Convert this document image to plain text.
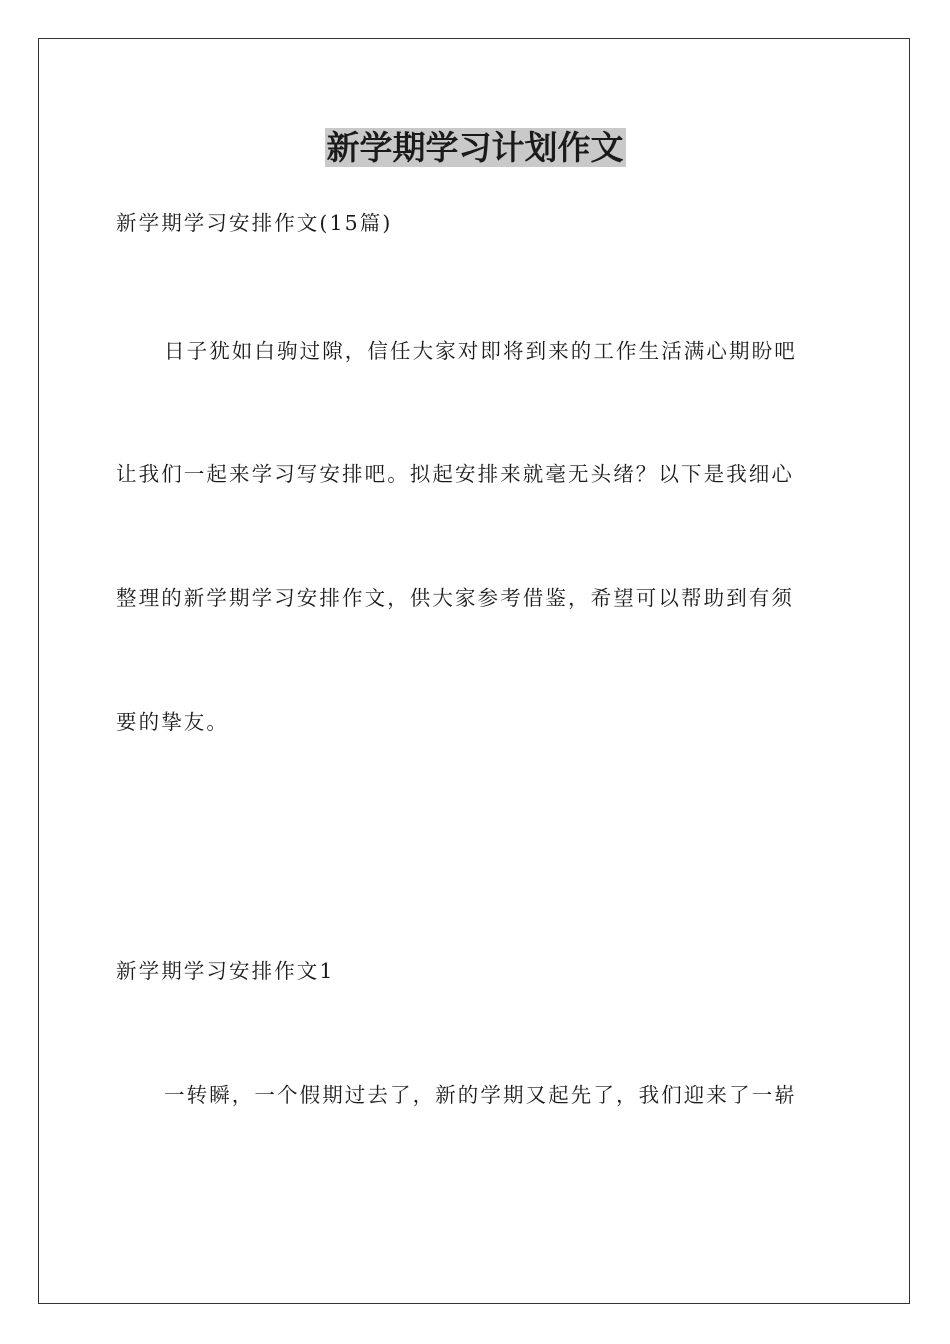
新学期学习计划作文

新学期学习安排作文(15篇)

日子犹如白驹过隙，信任大家对即将到来的工作生活满心期盼吧

让我们一起来学习写安排吧。拟起安排来就毫无头绪？以下是我细心

整理的新学期学习安排作文，供大家参考借鉴，希望可以帮助到有须

要的挚友。

新学期学习安排作文1

一转瞬，一个假期过去了，新的学期又起先了，我们迎来了一崭
